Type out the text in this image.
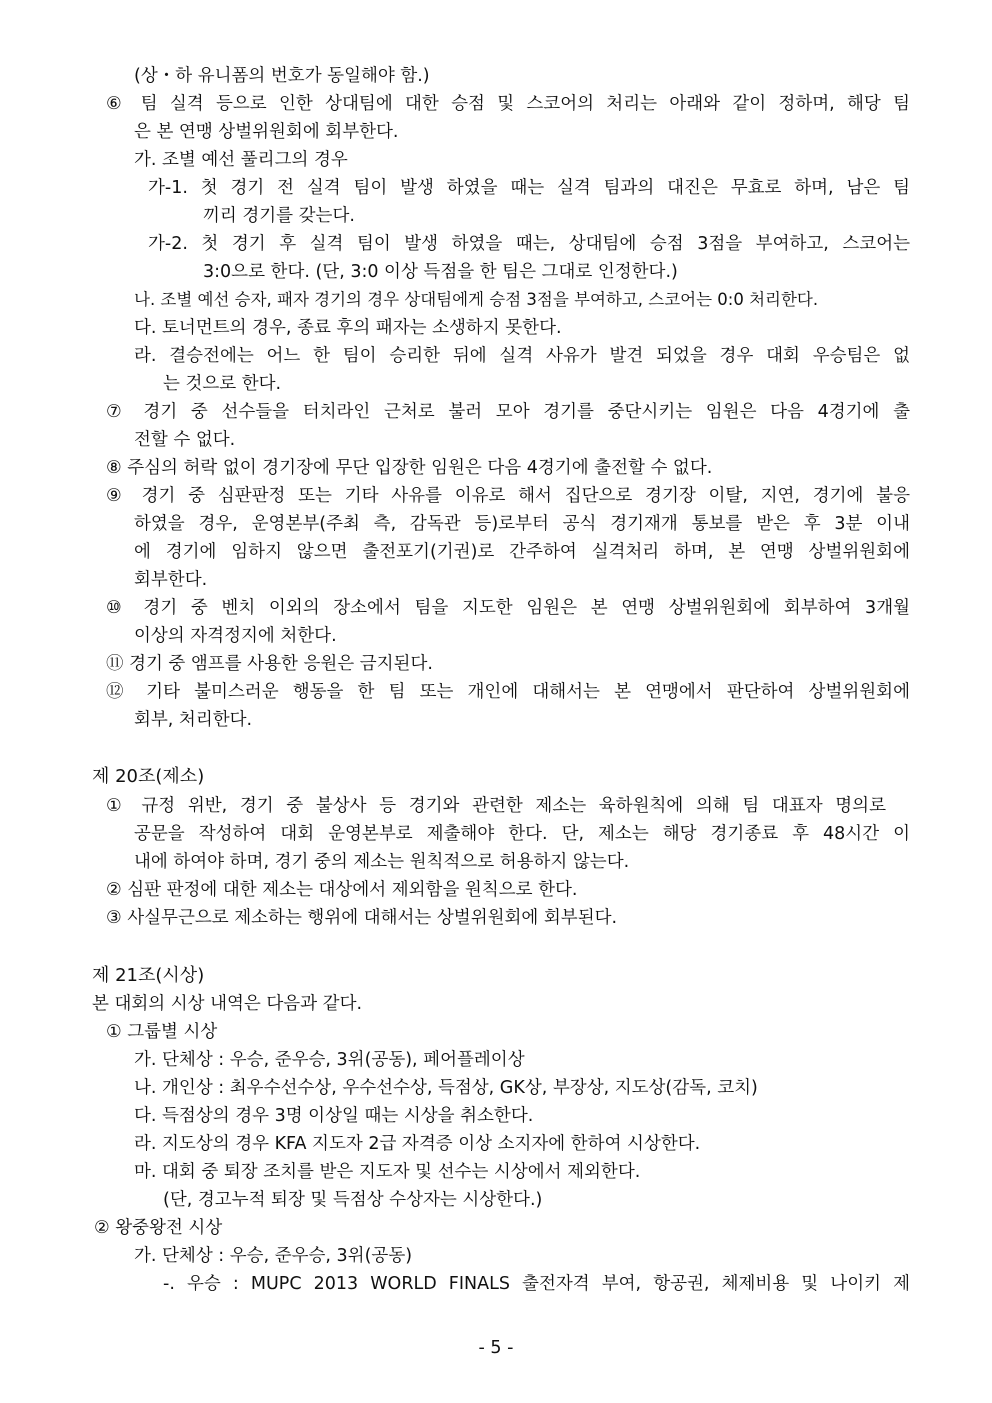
(상・하 유니폼의 번호가 동일해야 함.)
⑥ 팀 실격 등으로 인한 상대팀에 대한 승점 및 스코어의 처리는 아래와 같이 정하며, 해당 팀
은 본 연맹 상벌위원회에 회부한다.
가. 조별 예선 풀리그의 경우
가-1. 첫 경기 전 실격 팀이 발생 하였을 때는 실격 팀과의 대진은 무효로 하며, 남은 팀
끼리 경기를 갖는다.
가-2. 첫 경기 후 실격 팀이 발생 하였을 때는, 상대팀에 승점 3점을 부여하고, 스코어는
3:0으로 한다. (단, 3:0 이상 득점을 한 팀은 그대로 인정한다.)
나. 조별 예선 승자, 패자 경기의 경우 상대팀에게 승점 3점을 부여하고, 스코어는 0:0 처리한다.
다. 토너먼트의 경우, 종료 후의 패자는 소생하지 못한다.
라. 결승전에는 어느 한 팀이 승리한 뒤에 실격 사유가 발견 되었을 경우 대회 우승팀은 없
는 것으로 한다.
⑦ 경기 중 선수들을 터치라인 근처로 불러 모아 경기를 중단시키는 임원은 다음 4경기에 출
전할 수 없다.
⑧ 주심의 허락 없이 경기장에 무단 입장한 임원은 다음 4경기에 출전할 수 없다.
⑨ 경기 중 심판판정 또는 기타 사유를 이유로 해서 집단으로 경기장 이탈, 지연, 경기에 불응
하였을 경우, 운영본부(주최 측, 감독관 등)로부터 공식 경기재개 통보를 받은 후 3분 이내
에 경기에 임하지 않으면 출전포기(기권)로 간주하여 실격처리 하며, 본 연맹 상벌위원회에
회부한다.
⑩ 경기 중 벤치 이외의 장소에서 팀을 지도한 임원은 본 연맹 상벌위원회에 회부하여 3개월
이상의 자격정지에 처한다.
⑪ 경기 중 앰프를 사용한 응원은 금지된다.
⑫ 기타 불미스러운 행동을 한 팀 또는 개인에 대해서는 본 연맹에서 판단하여 상벌위원회에
회부, 처리한다.
제 20조(제소)
① 규정 위반, 경기 중 불상사 등 경기와 관련한 제소는 육하원칙에 의해 팀 대표자 명의로
공문을 작성하여 대회 운영본부로 제출해야 한다. 단, 제소는 해당 경기종료 후 48시간 이
내에 하여야 하며, 경기 중의 제소는 원칙적으로 허용하지 않는다.
② 심판 판정에 대한 제소는 대상에서 제외함을 원칙으로 한다.
③ 사실무근으로 제소하는 행위에 대해서는 상벌위원회에 회부된다.
제 21조(시상)
본 대회의 시상 내역은 다음과 같다.
① 그룹별 시상
가. 단체상 : 우승, 준우승, 3위(공동), 페어플레이상
나. 개인상 : 최우수선수상, 우수선수상, 득점상, GK상, 부장상, 지도상(감독, 코치)
다. 득점상의 경우 3명 이상일 때는 시상을 취소한다.
라. 지도상의 경우 KFA 지도자 2급 자격증 이상 소지자에 한하여 시상한다.
마. 대회 중 퇴장 조치를 받은 지도자 및 선수는 시상에서 제외한다.
(단, 경고누적 퇴장 및 득점상 수상자는 시상한다.)
② 왕중왕전 시상
가. 단체상 : 우승, 준우승, 3위(공동)
-. 우승 : MUPC 2013 WORLD FINALS 출전자격 부여, 항공권, 체제비용 및 나이키 제
- 5 -
